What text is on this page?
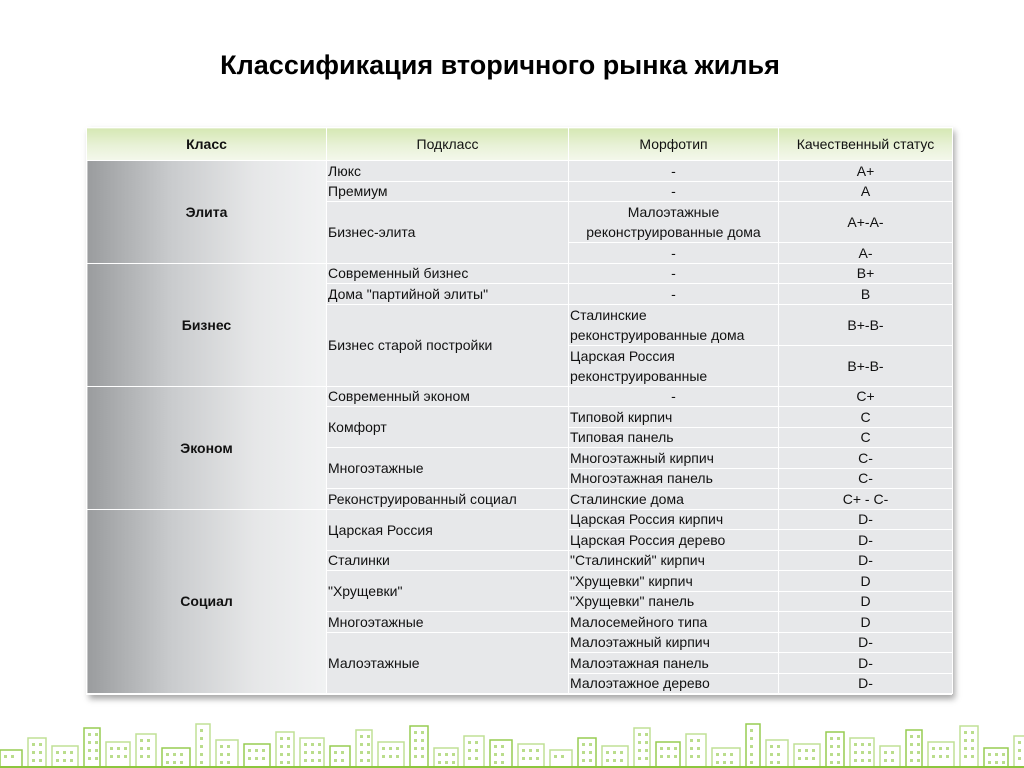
Классификация вторичного рынка жилья
Класс	Подкласс	Морфотип	Качественный статус
Элита	Люкс	-	A+
	Премиум	-	A
	Бизнес-элита	Малоэтажные реконструированные дома	A+-A-

		-	A-
Бизнес	Современный бизнес	-	B+
	Дома "партийной элиты"	-	B
	Бизнес старой постройки	Сталинские реконструированные дома	B+-B-

		Царская Россия реконструированные	B+-B-

Эконом	Современный эконом	-	C+
	Комфорт	Типовой кирпич	C
		Типовая панель	C
	Многоэтажные	Многоэтажный кирпич	C-
		Многоэтажная панель	C-
	Реконструированный социал	Сталинские дома	C+ - C-
Социал	Царская Россия	Царская Россия кирпич	D-
		Царская Россия дерево	D-
	Сталинки	"Сталинский" кирпич	D-
	"Хрущевки"	"Хрущевки" кирпич	D
		"Хрущевки" панель	D
	Многоэтажные	Малосемейного типа	D
	Малоэтажные	Малоэтажный кирпич	D-
		Малоэтажная панель	D-
		Малоэтажное дерево	D-
